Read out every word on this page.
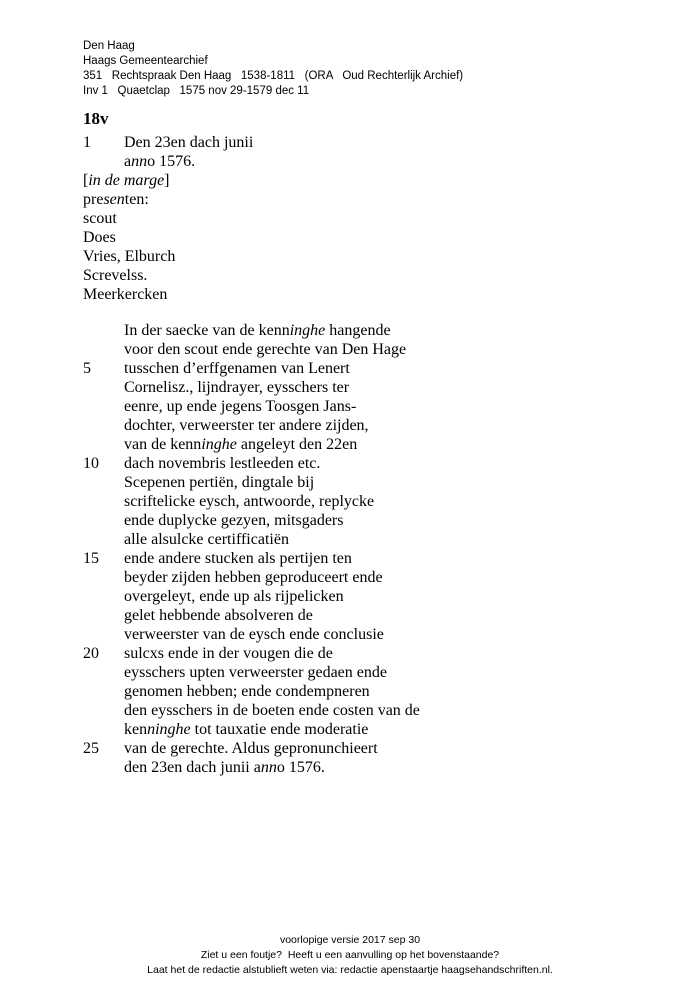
Den Haag
Haags Gemeentearchief
351   Rechtspraak Den Haag   1538-1811   (ORA   Oud Rechterlijk Archief)
Inv 1   Quaetclap   1575 nov 29-1579 dec 11
18v
1 Den 23en dach junii
anno 1576.
[in de marge]
presenten:
scout
Does
Vries, Elburch
Screvelss.
Meerkercken
In der saecke van de kenninghe hangende
voor den scout ende gerechte van Den Hage
5 tusschen d’erffgenamen van Lenert
Cornelisz., lijndrayer, eysschers ter
eenre, up ende jegens Toosgen Jans-
dochter, verweerster ter andere zijden,
van de kenninghe angeleyt den 22en
10 dach novembris lestleeden etc.
Scepenen pertiën, dingtale bij
scriftelicke eysch, antwoorde, replycke
ende duplycke gezyen, mitsgaders
alle alsulcke certifficatiën
15 ende andere stucken als pertijen ten
beyder zijden hebben geproduceert ende
overgeleyt, ende up als rijpelicken
gelet hebbende absolveren de
verweerster van de eysch ende conclusie
20 sulcxs ende in der vougen die de
eysschers upten verweerster gedaen ende
genomen hebben; ende condempneren
den eysschers in de boeten ende costen van de
kenninghe tot tauxatie ende moderatie
25 van de gerechte. Aldus gepronunchieert
den 23en dach junii anno 1576.
voorlopige versie 2017 sep 30
Ziet u een foutje?  Heeft u een aanvulling op het bovenstaande?
Laat het de redactie alstublieft weten via: redactie apenstaartje haagsehandschriften.nl.
